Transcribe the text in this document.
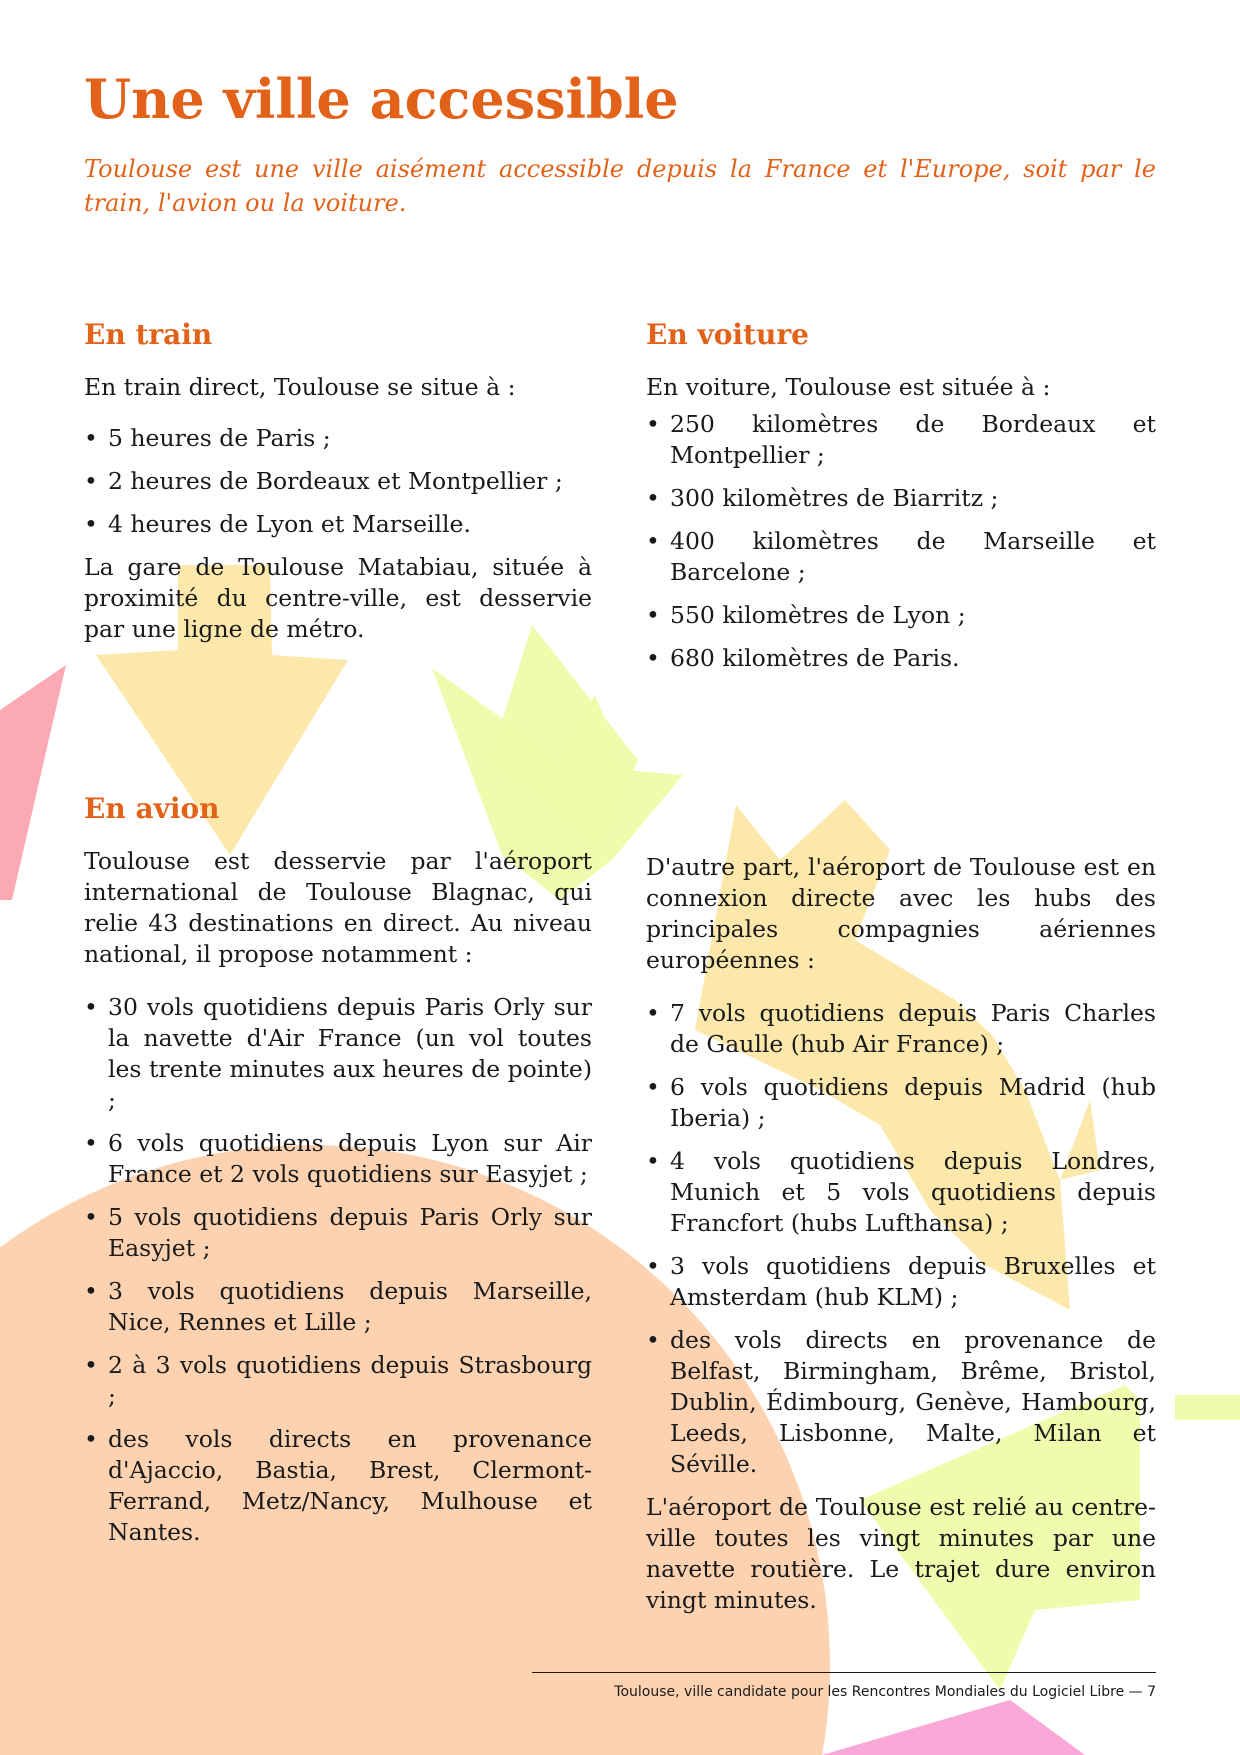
Une ville accessible

Toulouse est une ville aisément accessible depuis la France et l'Europe, soit par le train, l'avion ou la voiture.

En train

En train direct, Toulouse se situe à :

• 5 heures de Paris ;
• 2 heures de Bordeaux et Montpellier ;
• 4 heures de Lyon et Marseille.

La gare de Toulouse Matabiau, située à proximité du centre-ville, est desservie par une ligne de métro.

En voiture

En voiture, Toulouse est située à :

• 250 kilomètres de Bordeaux et Montpellier ;
• 300 kilomètres de Biarritz ;
• 400 kilomètres de Marseille et Barcelone ;
• 550 kilomètres de Lyon ;
• 680 kilomètres de Paris.
En avion

Toulouse est desservie par l'aéroport international de Toulouse Blagnac, qui relie 43 destinations en direct. Au niveau national, il propose notamment :

• 30 vols quotidiens depuis Paris Orly sur la navette d'Air France (un vol toutes les trente minutes aux heures de pointe) ;
• 6 vols quotidiens depuis Lyon sur Air France et 2 vols quotidiens sur Easyjet ;
• 5 vols quotidiens depuis Paris Orly sur Easyjet ;
• 3 vols quotidiens depuis Marseille, Nice, Rennes et Lille ;
• 2 à 3 vols quotidiens depuis Strasbourg ;
• des vols directs en provenance d'Ajaccio, Bastia, Brest, Clermont-Ferrand, Metz/Nancy, Mulhouse et Nantes.

D'autre part, l'aéroport de Toulouse est en connexion directe avec les hubs des principales compagnies aériennes européennes :

• 7 vols quotidiens depuis Paris Charles de Gaulle (hub Air France) ;
• 6 vols quotidiens depuis Madrid (hub Iberia) ;
• 4 vols quotidiens depuis Londres, Munich et 5 vols quotidiens depuis Francfort (hubs Lufthansa) ;
• 3 vols quotidiens depuis Bruxelles et Amsterdam (hub KLM) ;
• des vols directs en provenance de Belfast, Birmingham, Brême, Bristol, Dublin, Édimbourg, Genève, Hambourg, Leeds, Lisbonne, Malte, Milan et Séville.

L'aéroport de Toulouse est relié au centre-ville toutes les vingt minutes par une navette routière. Le trajet dure environ vingt minutes.

Toulouse, ville candidate pour les Rencontres Mondiales du Logiciel Libre — 7
